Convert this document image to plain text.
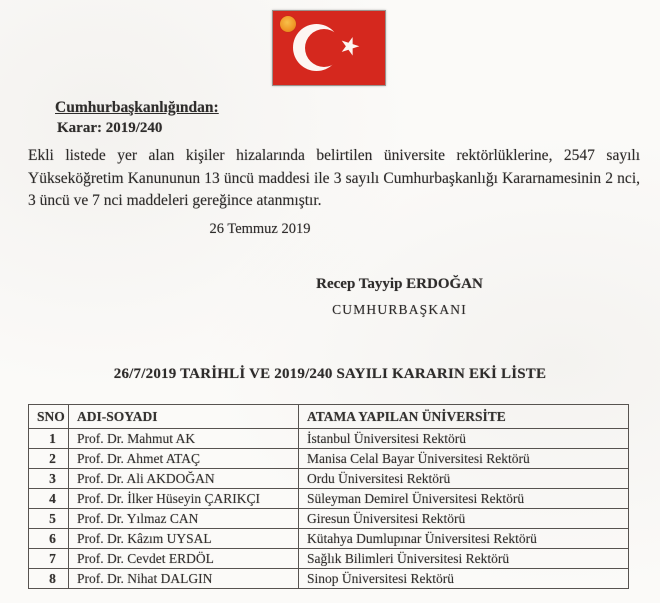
★
Cumhurbaşkanlığından:
Karar: 2019/240
Ekli listede yer alan kişiler hizalarında belirtilen üniversite rektörlüklerine, 2547 sayılı Yükseköğretim Kanununun 13 üncü maddesi ile 3 sayılı Cumhurbaşkanlığı Kararnamesinin 2 nci, 3 üncü ve 7 nci maddeleri gereğince atanmıştır.
26 Temmuz 2019
Recep Tayyip ERDOĞAN
CUMHURBAŞKANI
26/7/2019 TARİHLİ VE 2019/240 SAYILI KARARIN EKİ LİSTE
SNO	ADI-SOYADI	ATAMA YAPILAN ÜNİVERSİTE
1	Prof. Dr. Mahmut AK	İstanbul Üniversitesi Rektörü
2	Prof. Dr. Ahmet ATAÇ	Manisa Celal Bayar Üniversitesi Rektörü
3	Prof. Dr. Ali AKDOĞAN	Ordu Üniversitesi Rektörü
4	Prof. Dr. İlker Hüseyin ÇARIKÇI	Süleyman Demirel Üniversitesi Rektörü
5	Prof. Dr. Yılmaz CAN	Giresun Üniversitesi Rektörü
6	Prof. Dr. Kâzım UYSAL	Kütahya Dumlupınar Üniversitesi Rektörü
7	Prof. Dr. Cevdet ERDÖL	Sağlık Bilimleri Üniversitesi Rektörü
8	Prof. Dr. Nihat DALGIN	Sinop Üniversitesi Rektörü
